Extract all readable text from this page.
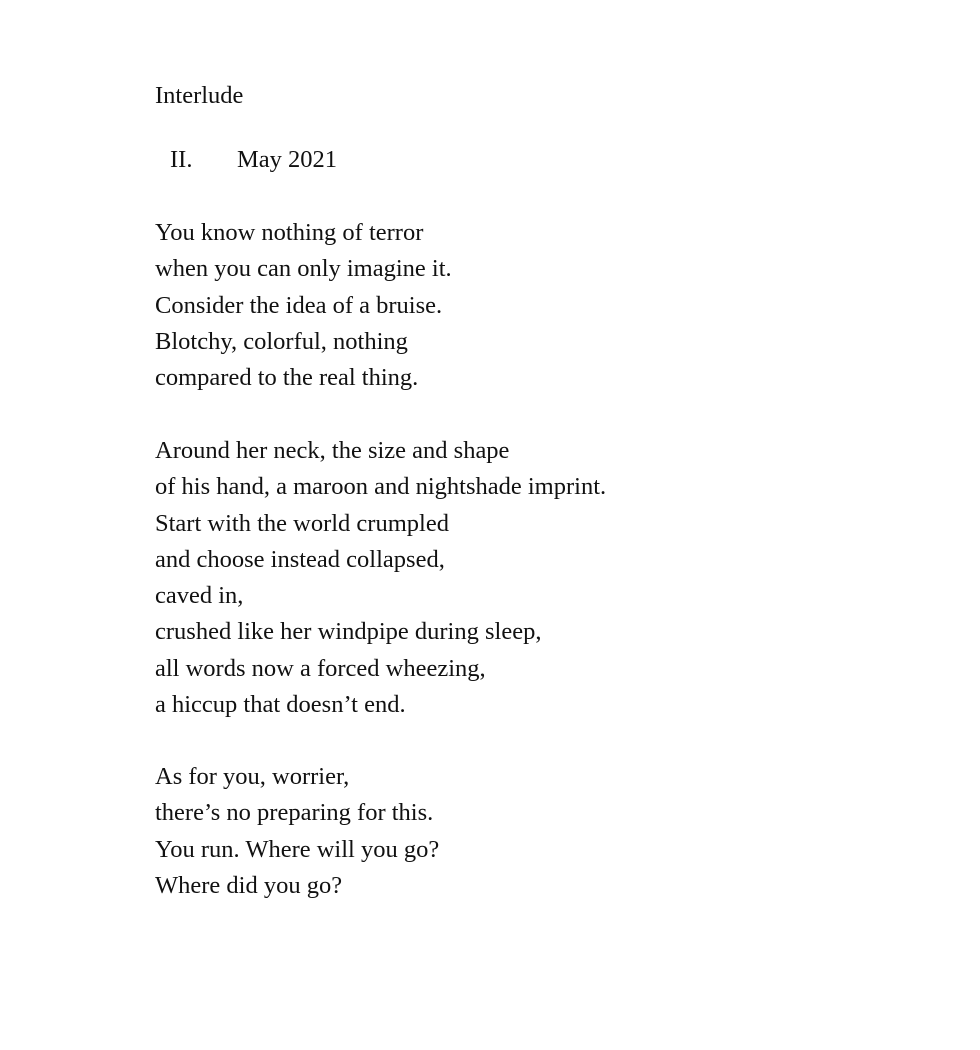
Interlude
II. May 2021
You know nothing of terror
when you can only imagine it.
Consider the idea of a bruise.
Blotchy, colorful, nothing
compared to the real thing.
Around her neck, the size and shape
of his hand, a maroon and nightshade imprint.
Start with the world crumpled
and choose instead collapsed,
caved in,
crushed like her windpipe during sleep,
all words now a forced wheezing,
a hiccup that doesn’t end.
As for you, worrier,
there’s no preparing for this.
You run. Where will you go?
Where did you go?
